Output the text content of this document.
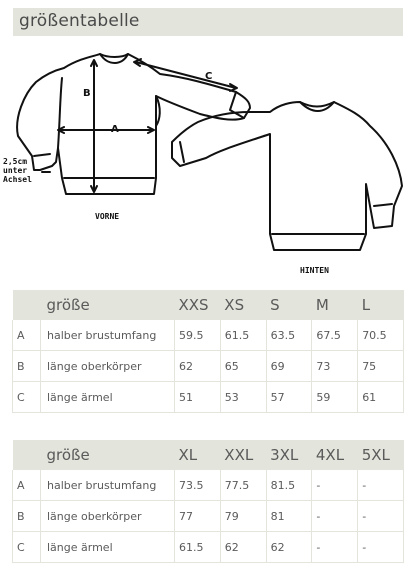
größentabelle
B
A
C
2,5cm
unter
Achsel
VORNE
HINTEN
	größe	XXS	XS	S	M	L
A	halber brustumfang	59.5	61.5	63.5	67.5	70.5
B	länge oberkörper	62	65	69	73	75
C	länge ärmel	51	53	57	59	61
	größe	XL	XXL	3XL	4XL	5XL
A	halber brustumfang	73.5	77.5	81.5	-	-
B	länge oberkörper	77	79	81	-	-
C	länge ärmel	61.5	62	62	-	-
